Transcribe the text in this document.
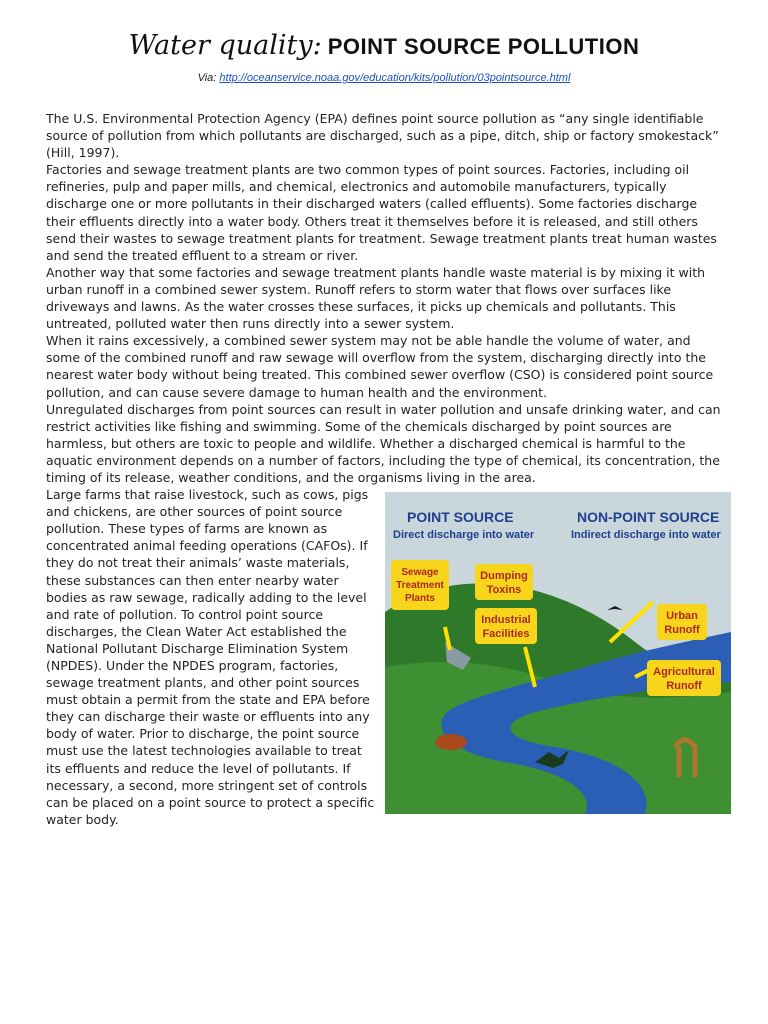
Water quality: POINT SOURCE POLLUTION
Via: http://oceanservice.noaa.gov/education/kits/pollution/03pointsource.html

The U.S. Environmental Protection Agency (EPA) defines point source pollution as “any single identifiable source of pollution from which pollutants are discharged, such as a pipe, ditch, ship or factory smokestack” (Hill, 1997).

Factories and sewage treatment plants are two common types of point sources. Factories, including oil refineries, pulp and paper mills, and chemical, electronics and automobile manufacturers, typically discharge one or more pollutants in their discharged waters (called effluents). Some factories discharge their effluents directly into a water body. Others treat it themselves before it is released, and still others send their wastes to sewage treatment plants for treatment. Sewage treatment plants treat human wastes and send the treated effluent to a stream or river.

Another way that some factories and sewage treatment plants handle waste material is by mixing it with urban runoff in a combined sewer system. Runoff refers to storm water that flows over surfaces like driveways and lawns. As the water crosses these surfaces, it picks up chemicals and pollutants. This untreated, polluted water then runs directly into a sewer system.

When it rains excessively, a combined sewer system may not be able handle the volume of water, and some of the combined runoff and raw sewage will overflow from the system, discharging directly into the nearest water body without being treated. This combined sewer overflow (CSO) is considered point source pollution, and can cause severe damage to human health and the environment.

Unregulated discharges from point sources can result in water pollution and unsafe drinking water, and can restrict activities like fishing and swimming. Some of the chemicals discharged by point sources are harmless, but others are toxic to people and wildlife. Whether a discharged chemical is harmful to the aquatic environment depends on a number of factors, including the type of chemical, its concentration, the timing of its release, weather conditions, and the organisms living in the area.

POINT SOURCE
Direct discharge into water
NON-POINT SOURCE
Indirect discharge into water
Sewage
Treatment
Plants
Dumping
Toxins
Industrial
Facilities
Urban
Runoff
Agricultural
Runoff

Large farms that raise livestock, such as cows, pigs and chickens, are other sources of point source pollution. These types of farms are known as concentrated animal feeding operations (CAFOs). If they do not treat their animals’ waste materials, these substances can then enter nearby water bodies as raw sewage, radically adding to the level and rate of pollution. To control point source discharges, the Clean Water Act established the National Pollutant Discharge Elimination System (NPDES). Under the NPDES program, factories, sewage treatment plants, and other point sources must obtain a permit from the state and EPA before they can discharge their waste or effluents into any body of water. Prior to discharge, the point source must use the latest technologies available to treat its effluents and reduce the level of pollutants. If necessary, a second, more stringent set of controls can be placed on a point source to protect a specific water body.
